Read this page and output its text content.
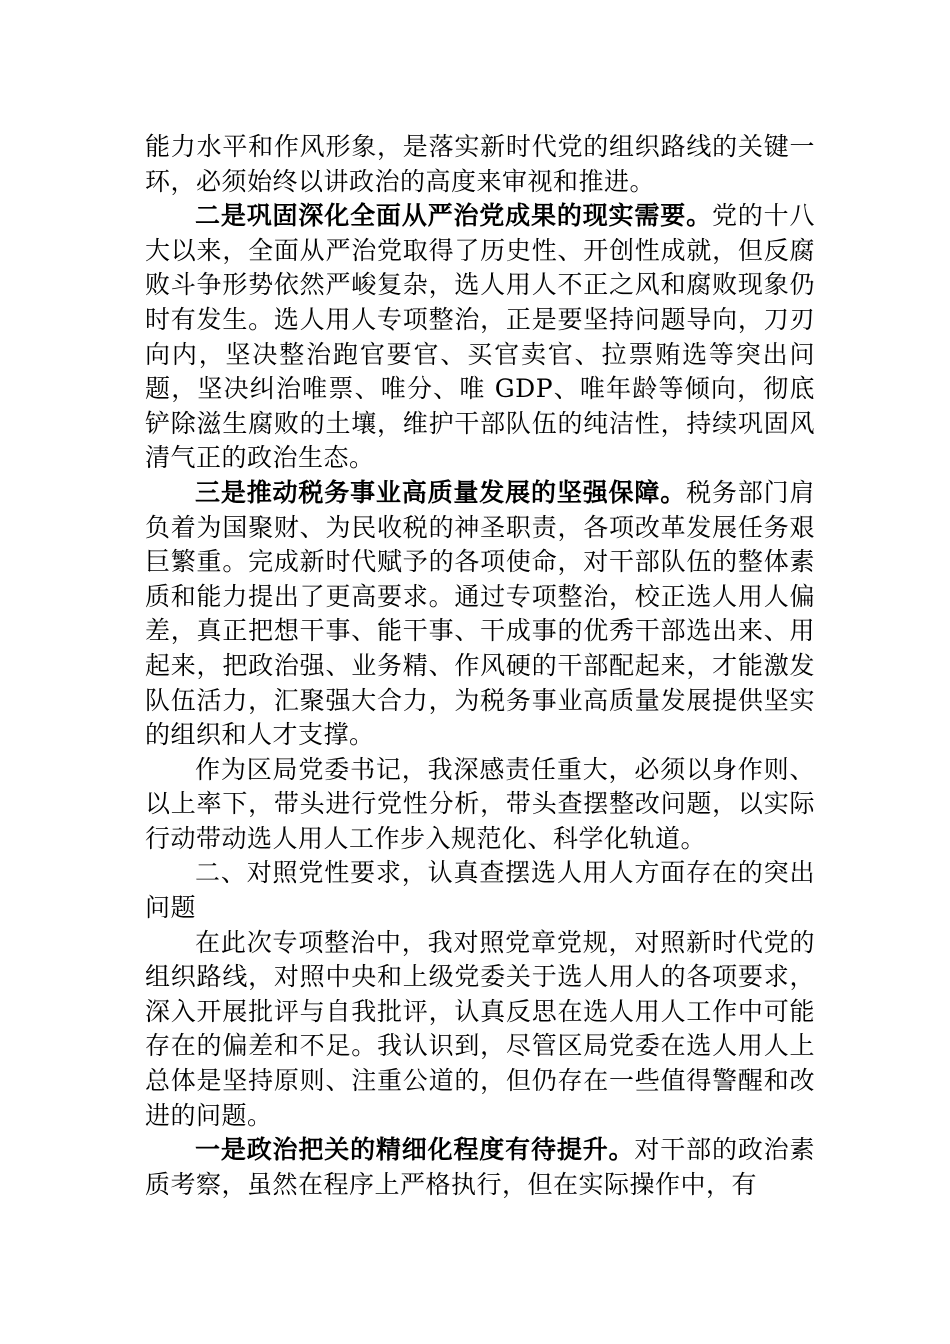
能力水平和作风形象，是落实新时代党的组织路线的关键一环，必须始终以讲政治的高度来审视和推进。

二是巩固深化全面从严治党成果的现实需要。党的十八大以来，全面从严治党取得了历史性、开创性成就，但反腐败斗争形势依然严峻复杂，选人用人不正之风和腐败现象仍时有发生。选人用人专项整治，正是要坚持问题导向，刀刃向内，坚决整治跑官要官、买官卖官、拉票贿选等突出问题，坚决纠治唯票、唯分、唯 GDP、唯年龄等倾向，彻底铲除滋生腐败的土壤，维护干部队伍的纯洁性，持续巩固风清气正的政治生态。

三是推动税务事业高质量发展的坚强保障。税务部门肩负着为国聚财、为民收税的神圣职责，各项改革发展任务艰巨繁重。完成新时代赋予的各项使命，对干部队伍的整体素质和能力提出了更高要求。通过专项整治，校正选人用人偏差，真正把想干事、能干事、干成事的优秀干部选出来、用起来，把政治强、业务精、作风硬的干部配起来，才能激发队伍活力，汇聚强大合力，为税务事业高质量发展提供坚实的组织和人才支撑。

作为区局党委书记，我深感责任重大，必须以身作则、以上率下，带头进行党性分析，带头查摆整改问题，以实际行动带动选人用人工作步入规范化、科学化轨道。

二、对照党性要求，认真查摆选人用人方面存在的突出问题

在此次专项整治中，我对照党章党规，对照新时代党的组织路线，对照中央和上级党委关于选人用人的各项要求，深入开展批评与自我批评，认真反思在选人用人工作中可能存在的偏差和不足。我认识到，尽管区局党委在选人用人上总体是坚持原则、注重公道的，但仍存在一些值得警醒和改进的问题。

一是政治把关的精细化程度有待提升。对干部的政治素质考察，虽然在程序上严格执行，但在实际操作中，有
